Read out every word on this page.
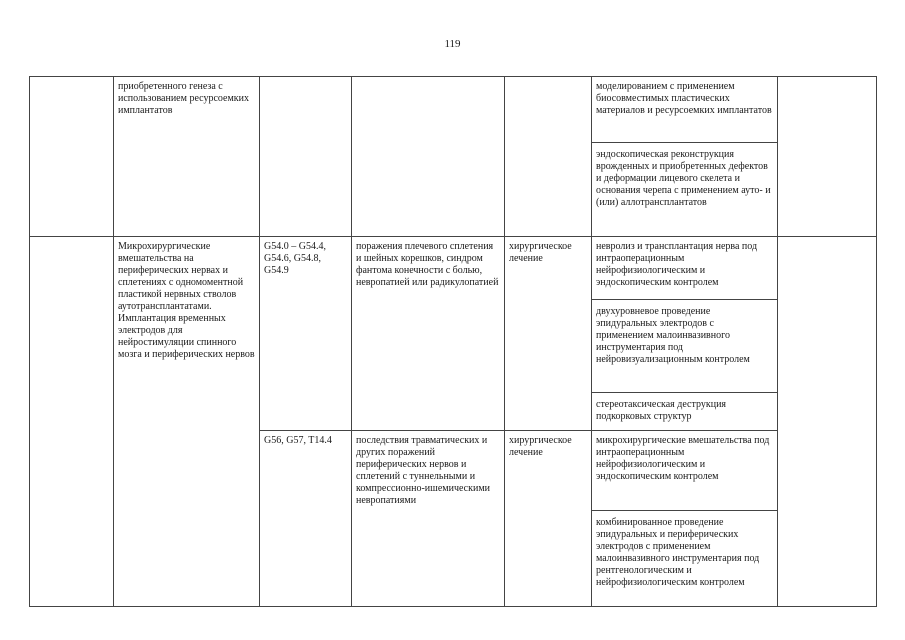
119

	приобретенного генеза с использованием ресурсоемких имплантатов				моделированием с применением биосовместимых пластических материалов и ресурсоемких имплантатов	

					эндоскопическая реконструкция врожденных и приобретенных дефектов и деформации лицевого скелета и основания черепа с применением ауто- и (или) аллотрансплантатов	

	Микрохирургические вмешательства на периферических нервах и сплетениях с одномоментной пластикой нервных стволов аутотрансплантатами. Имплантация временных электродов для нейростимуляции спинного мозга и периферических нервов	G54.0 – G54.4, G54.6, G54.8, G54.9	поражения плечевого сплетения и шейных корешков, синдром фантома конечности с болью, невропатией или радикулопатией	хирургическое лечение	невролиз и трансплантация нерва под интраоперационным нейрофизиологическим и эндоскопическим контролем	

					двухуровневое проведение эпидуральных электродов с применением малоинвазивного инструментария под нейровизуализационным контролем	

					стереотаксическая деструкция подкорковых структур	

		G56, G57, T14.4	последствия травматических и других поражений периферических нервов и сплетений с туннельными и компрессионно-ишемическими невропатиями	хирургическое лечение	микрохирургические вмешательства под интраоперационным нейрофизиологическим и эндоскопическим контролем	

					комбинированное проведение эпидуральных и периферических электродов с применением малоинвазивного инструментария под рентгенологическим и нейрофизиологическим контролем	
